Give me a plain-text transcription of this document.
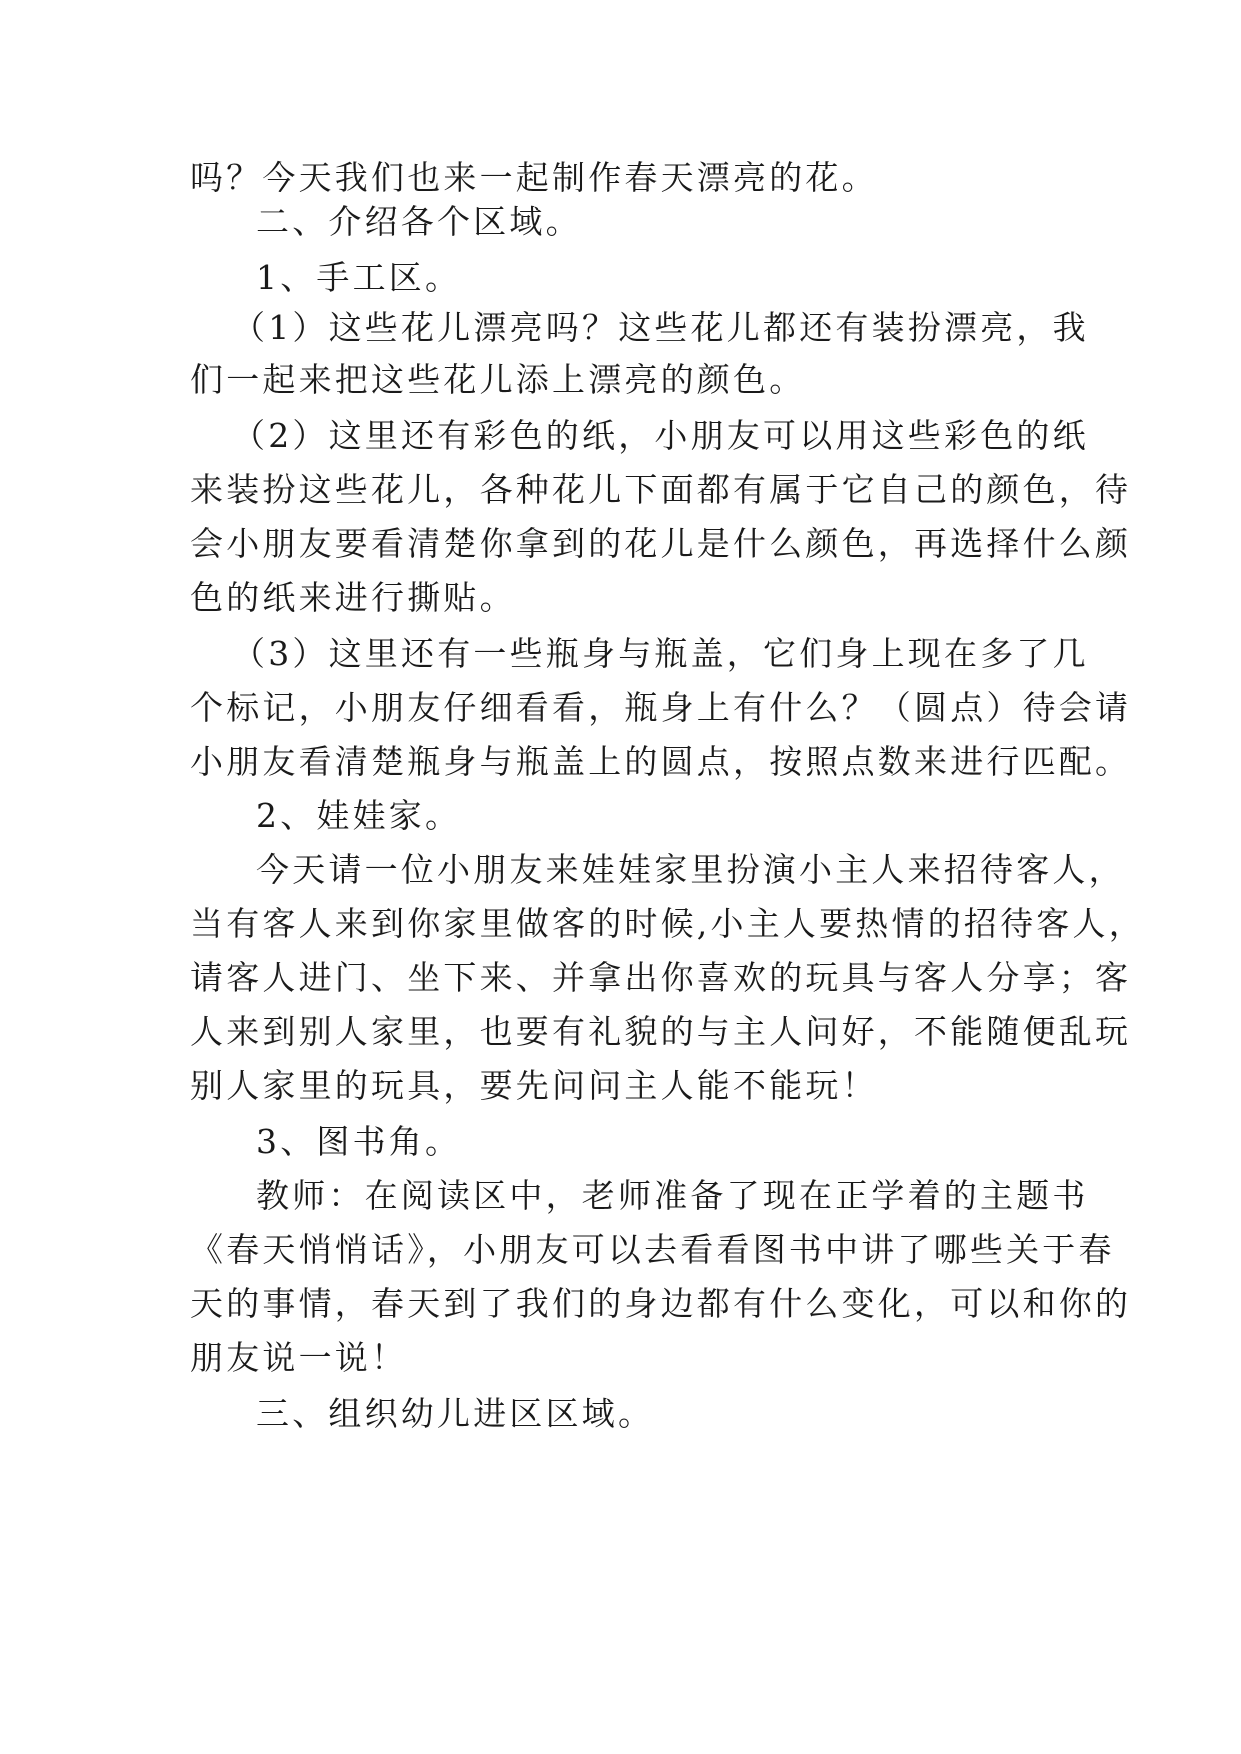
吗？今天我们也来一起制作春天漂亮的花。
二、介绍各个区域。
1、手工区。
（1）这些花儿漂亮吗？这些花儿都还有装扮漂亮，我
们一起来把这些花儿添上漂亮的颜色。
（2）这里还有彩色的纸，小朋友可以用这些彩色的纸
来装扮这些花儿，各种花儿下面都有属于它自己的颜色，待
会小朋友要看清楚你拿到的花儿是什么颜色，再选择什么颜
色的纸来进行撕贴。
（3）这里还有一些瓶身与瓶盖，它们身上现在多了几
个标记，小朋友仔细看看，瓶身上有什么？（圆点）待会请
小朋友看清楚瓶身与瓶盖上的圆点，按照点数来进行匹配。
2、娃娃家。
今天请一位小朋友来娃娃家里扮演小主人来招待客人，
当有客人来到你家里做客的时候,小主人要热情的招待客人，
请客人进门、坐下来、并拿出你喜欢的玩具与客人分享；客
人来到别人家里，也要有礼貌的与主人问好，不能随便乱玩
别人家里的玩具，要先问问主人能不能玩！
3、图书角。
教师：在阅读区中，老师准备了现在正学着的主题书
《春天悄悄话》，小朋友可以去看看图书中讲了哪些关于春
天的事情，春天到了我们的身边都有什么变化，可以和你的
朋友说一说！
三、组织幼儿进区区域。
